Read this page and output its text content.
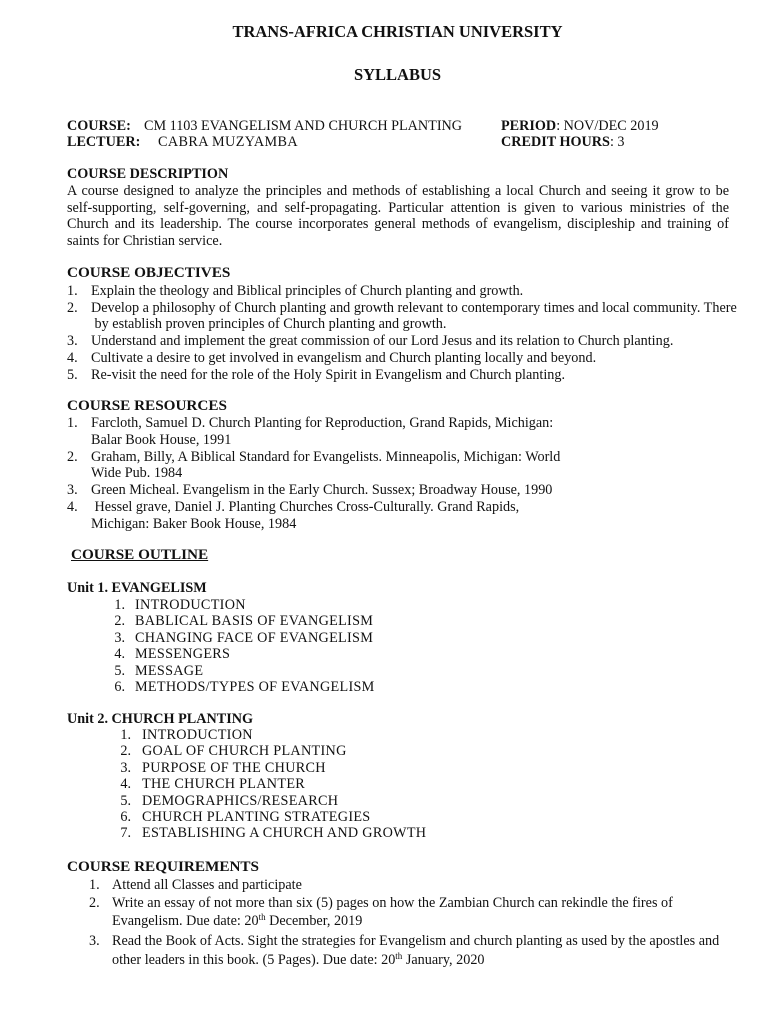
TRANS-AFRICA CHRISTIAN UNIVERSITY
SYLLABUS
COURSE: CM 1103 EVANGELISM AND CHURCH PLANTING	PERIOD: NOV/DEC 2019
LECTUER: CABRA MUZYAMBA	CREDIT HOURS: 3
COURSE DESCRIPTION
A course designed to analyze the principles and methods of establishing a local Church and seeing it grow to be self-supporting, self-governing, and self-propagating. Particular attention is given to various ministries of the Church and its leadership. The course incorporates general methods of evangelism, discipleship and training of saints for Christian service.
COURSE OBJECTIVES
1. Explain the theology and Biblical principles of Church planting and growth.
2. Develop a philosophy of Church planting and growth relevant to contemporary times and local community. There
by establish proven principles of Church planting and growth.
3. Understand and implement the great commission of our Lord Jesus and its relation to Church planting.
4. Cultivate a desire to get involved in evangelism and Church planting locally and beyond.
5. Re-visit the need for the role of the Holy Spirit in Evangelism and Church planting.
COURSE RESOURCES
1. Farcloth, Samuel D. Church Planting for Reproduction, Grand Rapids, Michigan:
Balar Book House, 1991
2. Graham, Billy, A Biblical Standard for Evangelists. Minneapolis, Michigan: World
Wide Pub. 1984
3. Green Micheal. Evangelism in the Early Church. Sussex; Broadway House, 1990
4. Hessel grave, Daniel J. Planting Churches Cross-Culturally. Grand Rapids,
Michigan: Baker Book House, 1984
COURSE OUTLINE
Unit 1. EVANGELISM
1. INTRODUCTION
2. BABLICAL BASIS OF EVANGELISM
3. CHANGING FACE OF EVANGELISM
4. MESSENGERS
5. MESSAGE
6. METHODS/TYPES OF EVANGELISM
Unit 2. CHURCH PLANTING
1. INTRODUCTION
2. GOAL OF CHURCH PLANTING
3. PURPOSE OF THE CHURCH
4. THE CHURCH PLANTER
5. DEMOGRAPHICS/RESEARCH
6. CHURCH PLANTING STRATEGIES
7. ESTABLISHING A CHURCH AND GROWTH
COURSE REQUIREMENTS
1. Attend all Classes and participate
2. Write an essay of not more than six (5) pages on how the Zambian Church can rekindle the fires of
Evangelism. Due date: 20th December, 2019
3. Read the Book of Acts. Sight the strategies for Evangelism and church planting as used by the apostles and
other leaders in this book. (5 Pages). Due date: 20th January, 2020
